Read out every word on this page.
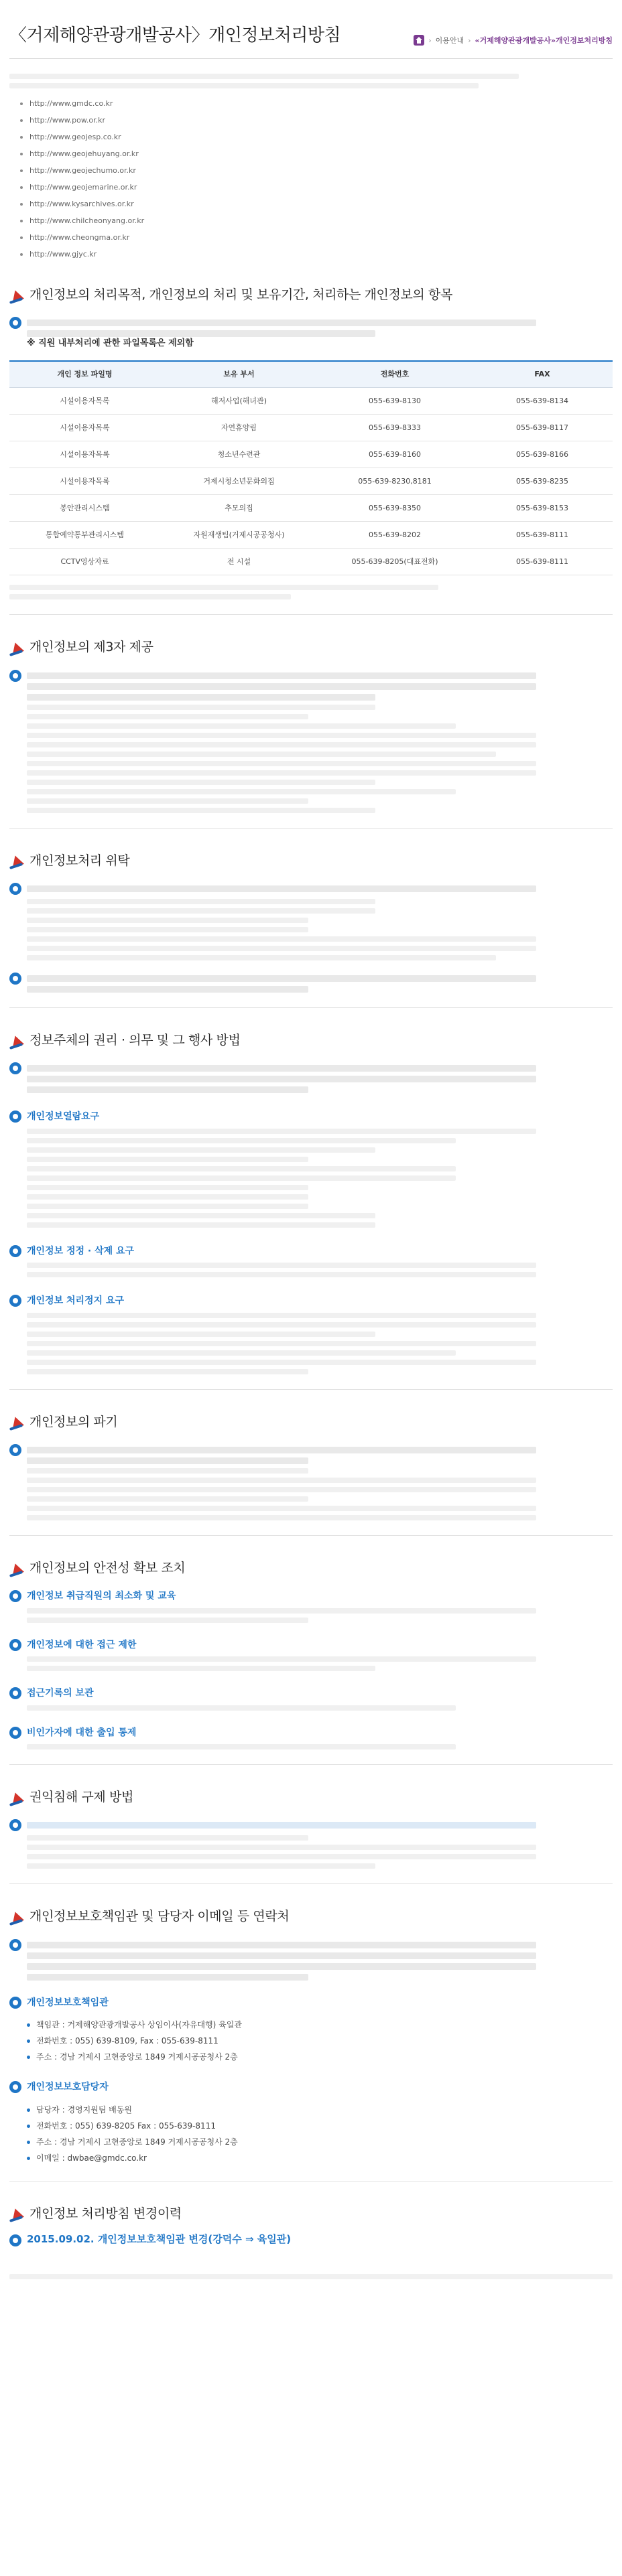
〈거제해양관광개발공사〉개인정보처리방침	› 이용안내 › «거제해양관광개발공사»개인정보처리방침
http://www.gmdc.co.kr
http://www.pow.or.kr
http://www.geojesp.co.kr
http://www.geojehuyang.or.kr
http://www.geojechumo.or.kr
http://www.geojemarine.or.kr
http://www.kysarchives.or.kr
http://www.chilcheonyang.or.kr
http://www.cheongma.or.kr
http://www.gjyc.kr
개인정보의 처리목적, 개인정보의 처리 및 보유기간, 처리하는 개인정보의 항목
※ 직원 내부처리에 관한 파일목록은 제외함
개인 정보 파일명	보유 부서	전화번호	FAX
시설이용자목록	해저사업(해녀관)	055-639-8130	055-639-8134
시설이용자목록	자연휴양림	055-639-8333	055-639-8117
시설이용자목록	청소년수련관	055-639-8160	055-639-8166
시설이용자목록	거제시청소년문화의집	055-639-8230,8181	055-639-8235
봉안관리시스템	추모의집	055-639-8350	055-639-8153
통합예약통부관리시스템	자원재생팀(거제시공공청사)	055-639-8202	055-639-8111
CCTV영상자료	전 시설	055-639-8205(대표전화)	055-639-8111
개인정보의 제3자 제공
개인정보처리 위탁
정보주체의 권리 · 의무 및 그 행사 방법
개인정보열람요구
개인정보 정정 · 삭제 요구
개인정보 처리정지 요구
개인정보의 파기
개인정보의 안전성 확보 조치
개인정보 취급직원의 최소화 및 교육
개인정보에 대한 접근 제한
접근기록의 보관
비인가자에 대한 출입 통제
권익침해 구제 방법
개인정보보호책임관 및 담당자 이메일 등 연락처
개인정보보호책임관
책임관 : 거제해양관광개발공사 상임이사(자유대행) 육일관
전화번호 : 055) 639-8109, Fax : 055-639-8111
주소 : 경남 거제시 고현중앙로 1849 거제시공공청사 2층
개인정보보호담당자
담당자 : 경영지원팀 배동원
전화번호 : 055) 639-8205 Fax : 055-639-8111
주소 : 경남 거제시 고현중앙로 1849 거제시공공청사 2층
이메일 : dwbae@gmdc.co.kr
개인정보 처리방침 변경이력
2015.09.02. 개인정보보호책임관 변경(강덕수 ⇒ 육일관)
